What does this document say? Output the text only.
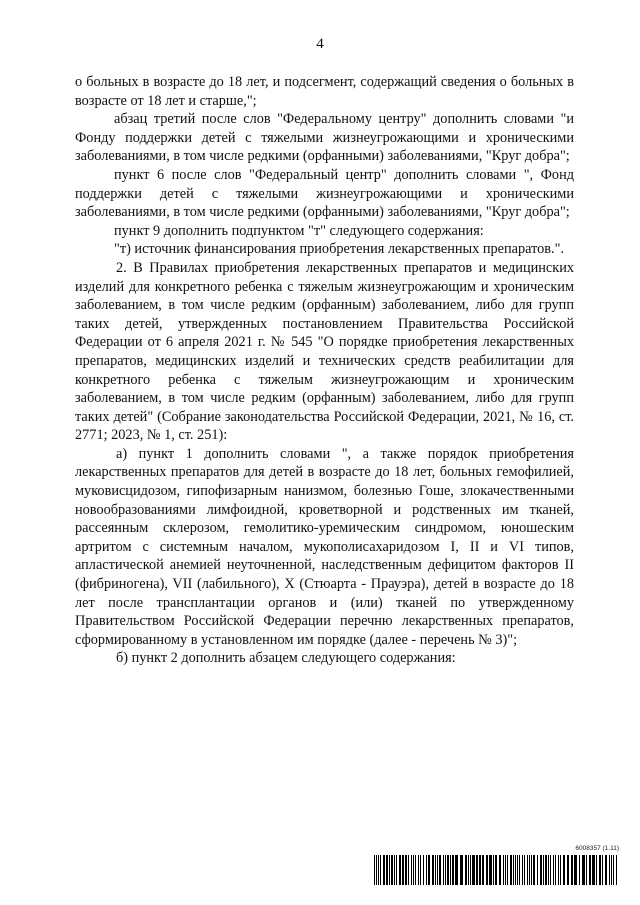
4

о больных в возрасте до 18 лет, и подсегмент, содержащий сведения о больных в возрасте от 18 лет и старше,";

абзац третий после слов "Федеральному центру" дополнить словами "и Фонду поддержки детей с тяжелыми жизнеугрожающими и хроническими заболеваниями, в том числе редкими (орфанными) заболеваниями, "Круг добра";

пункт 6 после слов "Федеральный центр" дополнить словами ", Фонд поддержки детей с тяжелыми жизнеугрожающими и хроническими заболеваниями, в том числе редкими (орфанными) заболеваниями, "Круг добра";

пункт 9 дополнить подпунктом "т" следующего содержания:

"т) источник финансирования приобретения лекарственных препаратов.".

2. В Правилах приобретения лекарственных препаратов и медицинских изделий для конкретного ребенка с тяжелым жизнеугрожающим и хроническим заболеванием, в том числе редким (орфанным) заболеванием, либо для групп таких детей, утвержденных постановлением Правительства Российской Федерации от 6 апреля 2021 г. № 545 "О порядке приобретения лекарственных препаратов, медицинских изделий и технических средств реабилитации для конкретного ребенка с тяжелым жизнеугрожающим и хроническим заболеванием, в том числе редким (орфанным) заболеванием, либо для групп таких детей" (Собрание законодательства Российской Федерации, 2021, № 16, ст. 2771; 2023, № 1, ст. 251):

а) пункт 1 дополнить словами ", а также порядок приобретения лекарственных препаратов для детей в возрасте до 18 лет, больных гемофилией, муковисцидозом, гипофизарным нанизмом, болезнью Гоше, злокачественными новообразованиями лимфоидной, кроветворной и родственных им тканей, рассеянным склерозом, гемолитико-уремическим синдромом, юношеским артритом с системным началом, мукополисахаридозом I, II и VI типов, апластической анемией неуточненной, наследственным дефицитом факторов II (фибриногена), VII (лабильного), X (Стюарта - Прауэра), детей в возрасте до 18 лет после трансплантации органов и (или) тканей по утвержденному Правительством Российской Федерации перечню лекарственных препаратов, сформированному в установленном им порядке (далее - перечень № 3)";

б) пункт 2 дополнить абзацем следующего содержания:

6008357 (1.11)
